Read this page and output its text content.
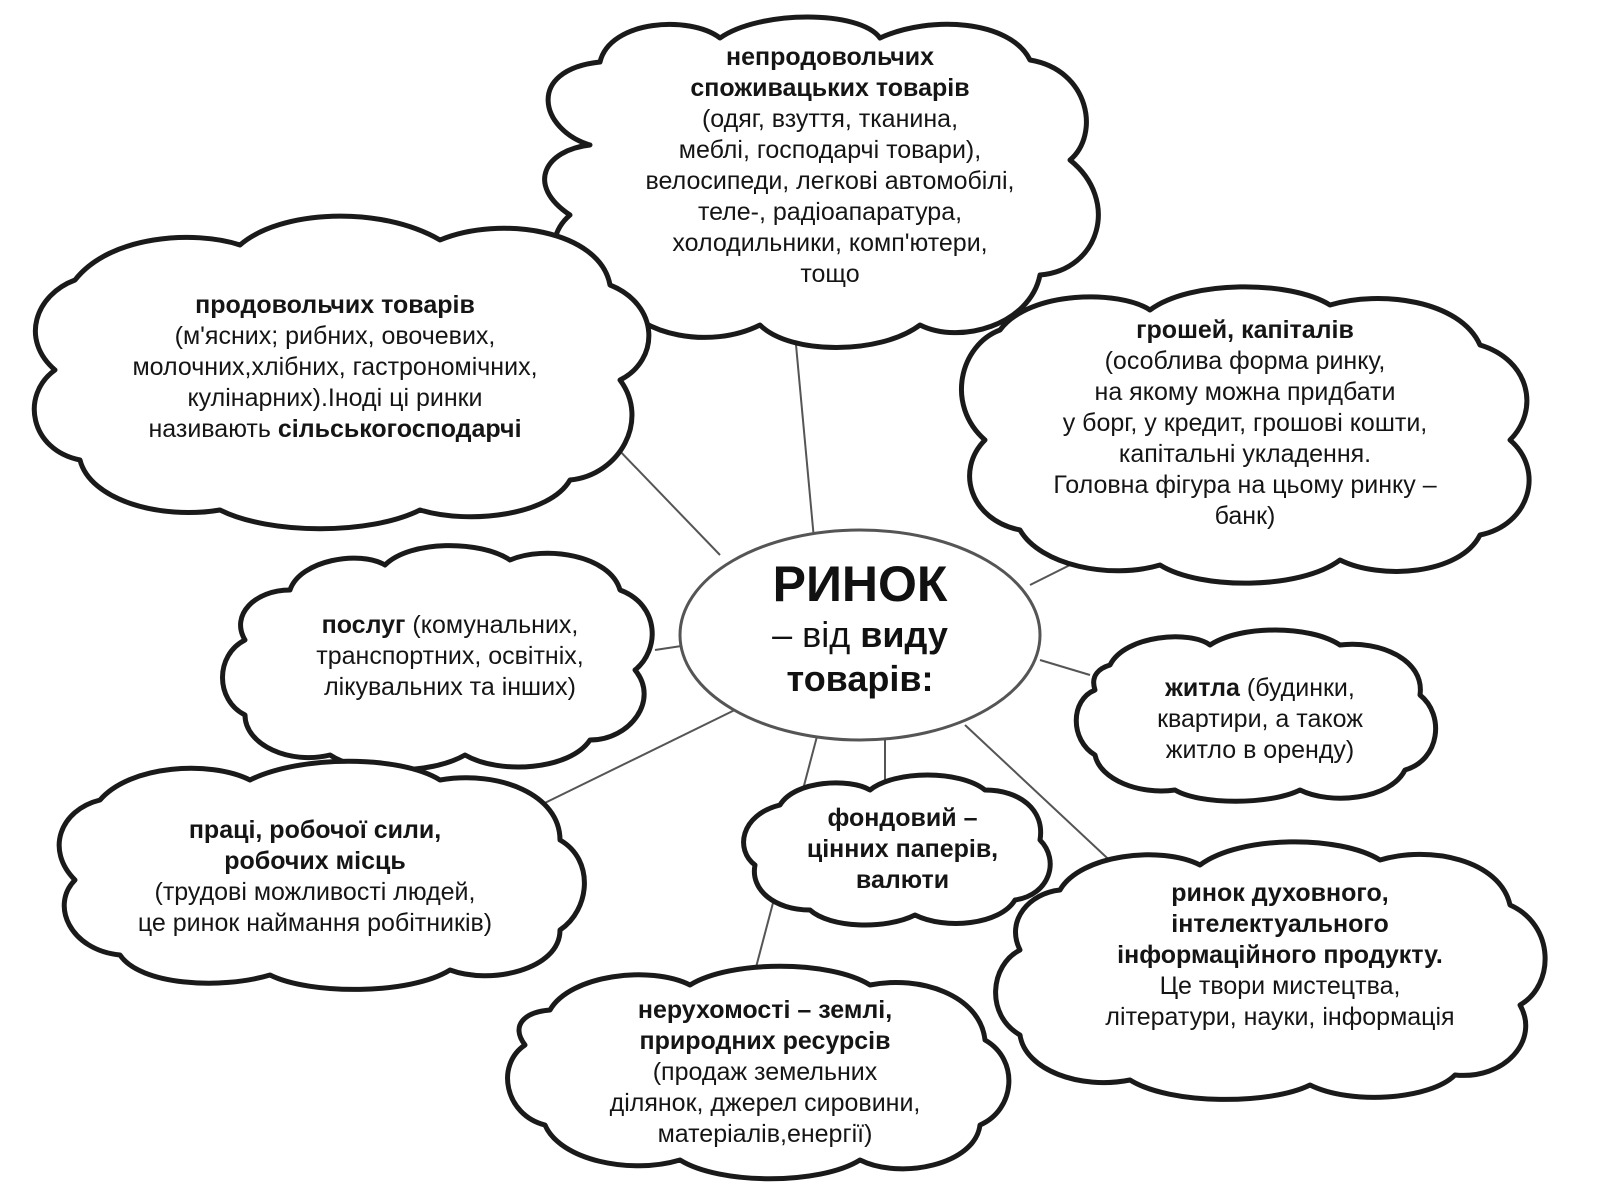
РИНОК
– від виду
товарів:
непродовольчих
споживацьких товарів
(одяг, взуття, тканина,
меблі, господарчі товари),
велосипеди, легкові автомобілі,
теле-, радіоапаратура,
холодильники, комп'ютери,
тощо
продовольчих товарів
(м'ясних; рибних, овочевих,
молочних,хлібних, гастрономічних,
кулінарних).Іноді ці ринки
називають сільськогосподарчі
грошей, капіталів
(особлива форма ринку,
на якому можна придбати
у борг, у кредит, грошові кошти,
капітальні укладення.
Головна фігура на цьому ринку –
банк)
послуг (комунальних,
транспортних, освітніх,
лікувальних та інших)	житла (будинки,
квартири, а також
житло в оренду)
праці, робочої сили,
робочих місць
(трудові можливості людей,
це ринок наймання робітників)
фондовий –
цінних паперів,
валюти
нерухомості – землі,
природних ресурсів
(продаж земельних
ділянок, джерел сировини,
матеріалів,енергії)
ринок духовного,
інтелектуального
інформаційного продукту.
Це твори мистецтва,
літератури, науки, інформація
